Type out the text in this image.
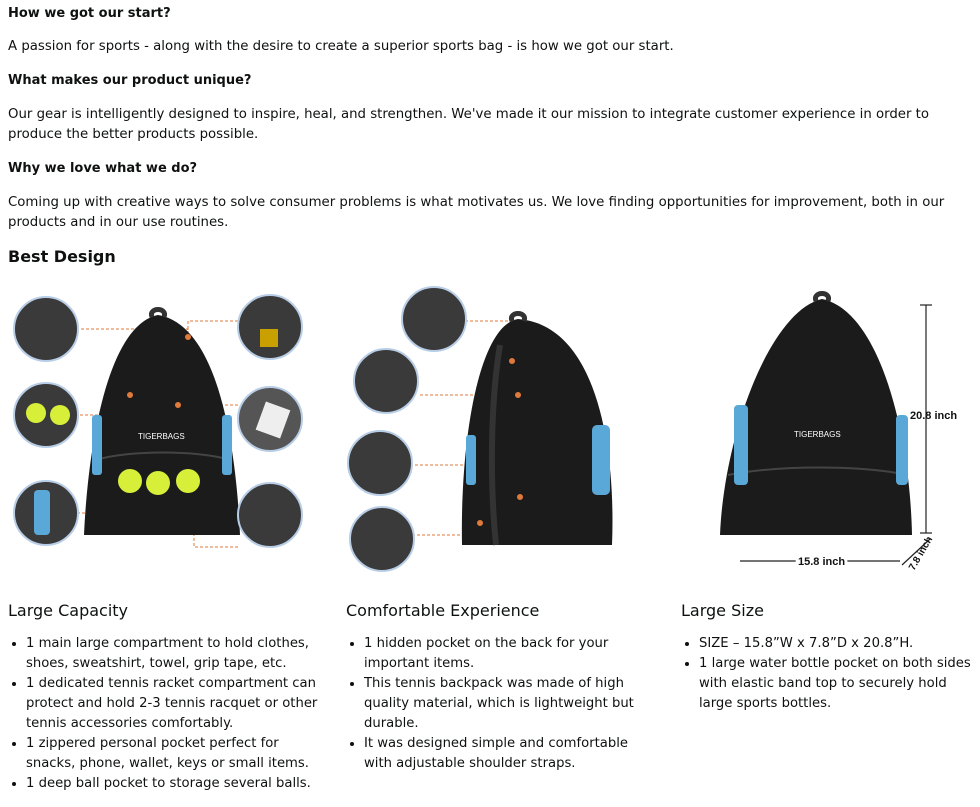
How we got our start?
A passion for sports - along with the desire to create a superior sports bag - is how we got our start.
What makes our product unique?
Our gear is intelligently designed to inspire, heal, and strengthen. We've made it our mission to integrate customer experience in order to produce the better products possible.
Why we love what we do?
Coming up with creative ways to solve consumer problems is what motivates us. We love finding opportunities for improvement, both in our products and in our use routines.
Best Design
TIGERBAGS	TIGERBAGS
20.8 inch
15.8 inch	7.8 inch
Large Capacity
• 1 main large compartment to hold clothes, shoes, sweatshirt, towel, grip tape, etc.
• 1 dedicated tennis racket compartment can protect and hold 2-3 tennis racquet or other tennis accessories comfortably.
• 1 zippered personal pocket perfect for snacks, phone, wallet, keys or small items.
• 1 deep ball pocket to storage several balls.
Comfortable Experience
• 1 hidden pocket on the back for your important items.
• This tennis backpack was made of high quality material, which is lightweight but durable.
• It was designed simple and comfortable with adjustable shoulder straps.
Large Size
• SIZE – 15.8”W x 7.8”D x 20.8”H.
• 1 large water bottle pocket on both sides with elastic band top to securely hold large sports bottles.
